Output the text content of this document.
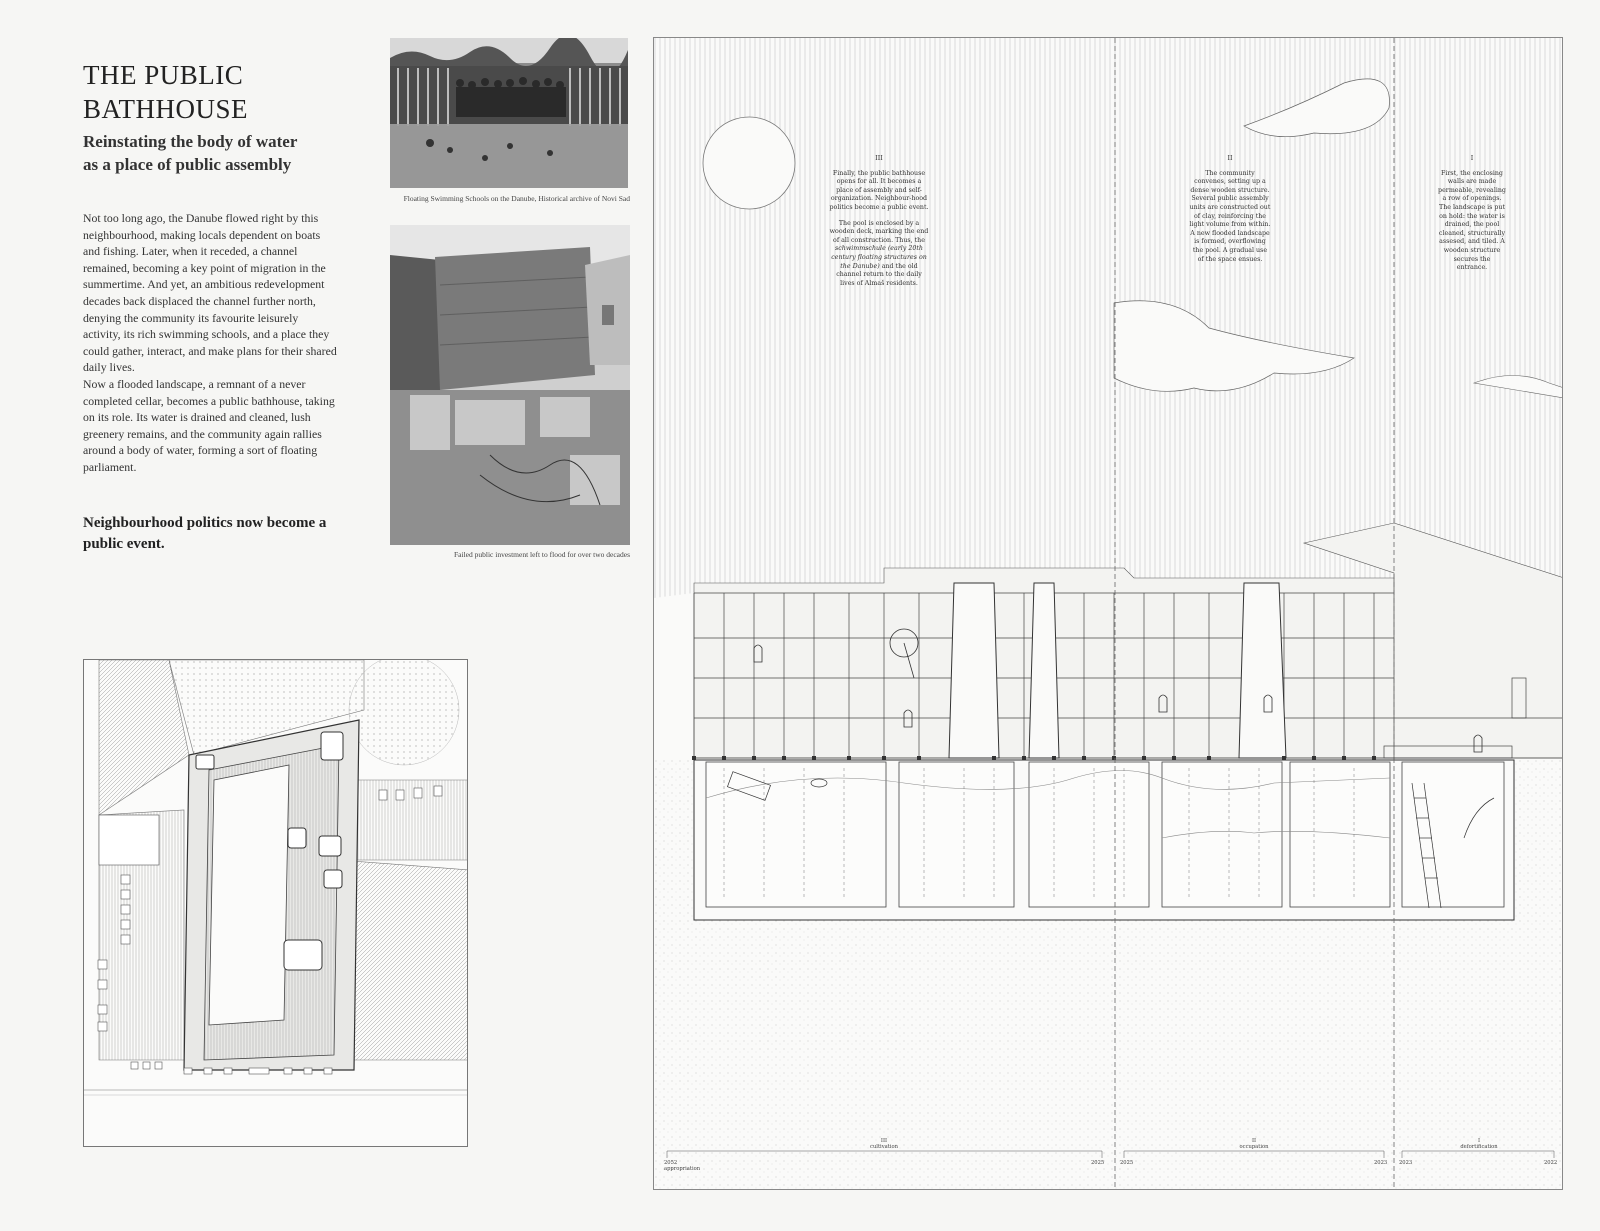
THE PUBLIC
BATHHOUSE
Reinstating the body of water
as a place of public assembly

Not too long ago, the Danube flowed right by this neighbourhood, making locals dependent on boats and fishing. Later, when it receded, a channel remained, becoming a key point of migration in the summertime. And yet, an ambitious redevelopment decades back displaced the channel further north, denying the community its favourite leisurely activity, its rich swimming schools, and a place they could gather, interact, and make plans for their shared daily lives.

Now a flooded landscape, a remnant of a never completed cellar, becomes a public bathhouse, taking on its role. Its water is drained and cleaned, lush greenery remains, and the community again rallies around a body of water, forming a sort of floating parliament.

Neighbourhood politics now become a public event.
Floating Swimming Schools on the Danube, Historical archive of Novi Sad
Failed public investment left to flood for over two decades
III

Finally, the public bathhouse opens for all. It becomes a place of assembly and self-organization. Neighbour-hood politics become a public event.

The pool is enclosed by a wooden deck, marking the end of all construction. Thus, the schwimmschule (early 20th century floating structures on the Danube) and the old channel return to the daily lives of Almaš residents.

II

The community convenes, setting up a dense wooden structure. Several public assembly units are constructed out of clay, reinforcing the light volume from within. A new flooded landscape is formed, overflowing the pool. A gradual use of the space ensues.

I

First, the enclosing walls are made permeable, revealing a row of openings. The landscape is put on hold: the water is drained, the pool cleaned, structurally assesed, and tiled. A wooden structure secures the entrance.

III
cultivation
2052
appropriation
2025
II
occupation
2025	2023
I
defortification
2023	2022
